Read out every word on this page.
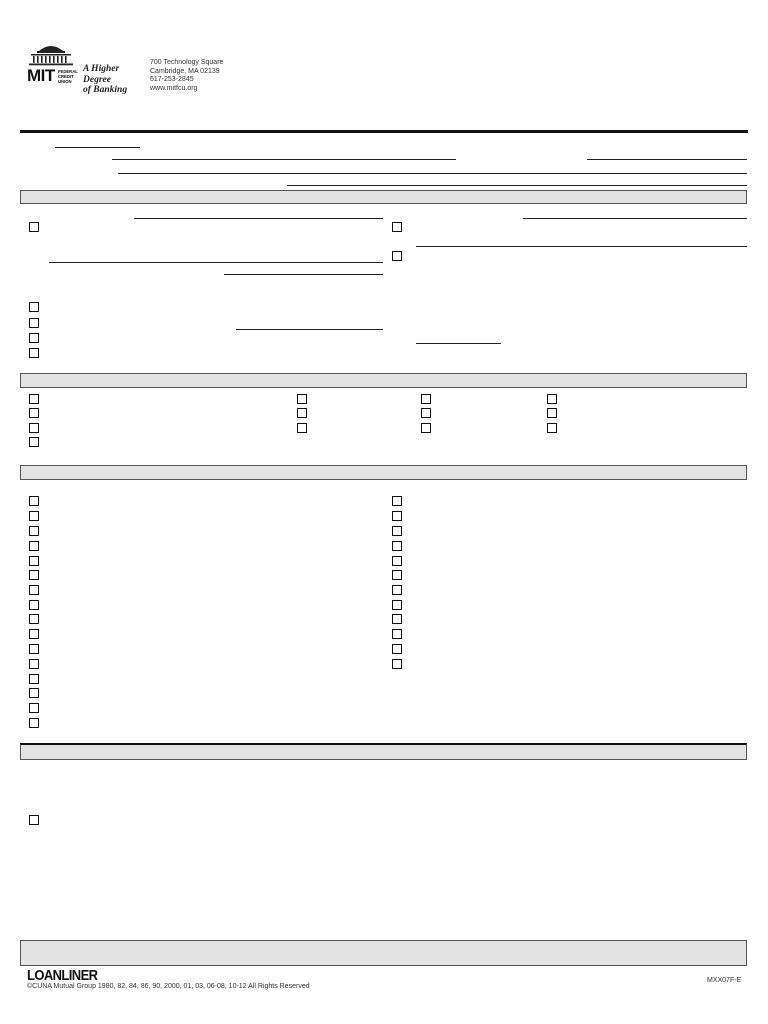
MIT FEDERAL
CREDIT
UNION
A Higher Degree
of Banking
700 Technology Square
Cambridge, MA 02139
617-253-2845
www.mitfcu.org
LOANLINER
©CUNA Mutual Group 1980, 82, 84, 86, 90, 2000, 01, 03, 06-08, 10-12 All Rights Reserved
MXX07F-E
